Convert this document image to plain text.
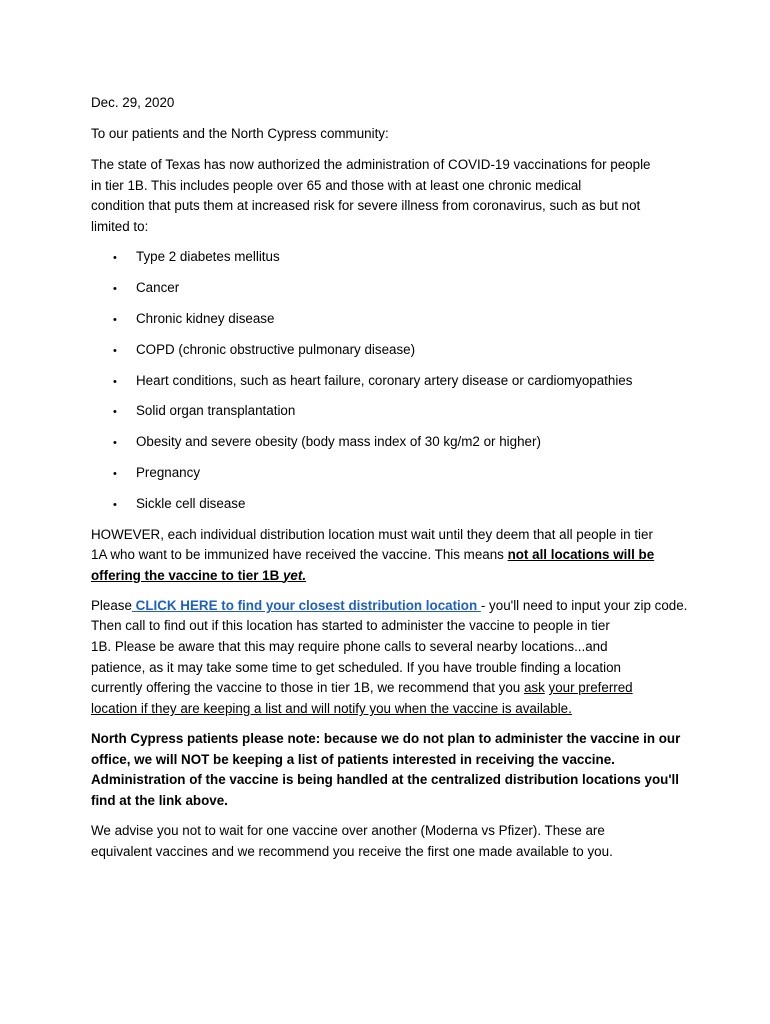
Dec. 29, 2020
To our patients and the North Cypress community:
The state of Texas has now authorized the administration of COVID-19 vaccinations for people
in tier 1B. This includes people over 65 and those with at least one chronic medical
condition that puts them at increased risk for severe illness from coronavirus, such as but not
limited to:
• Type 2 diabetes mellitus
• Cancer
• Chronic kidney disease
• COPD (chronic obstructive pulmonary disease)
• Heart conditions, such as heart failure, coronary artery disease or cardiomyopathies
• Solid organ transplantation
• Obesity and severe obesity (body mass index of 30 kg/m2 or higher)
• Pregnancy
• Sickle cell disease
HOWEVER, each individual distribution location must wait until they deem that all people in tier
1A who want to be immunized have received the vaccine. This means not all locations will be
offering the vaccine to tier 1B yet.
Please CLICK HERE to find your closest distribution location - you'll need to input your zip code.
Then call to find out if this location has started to administer the vaccine to people in tier
1B. Please be aware that this may require phone calls to several nearby locations...and
patience, as it may take some time to get scheduled. If you have trouble finding a location
currently offering the vaccine to those in tier 1B, we recommend that you ask your preferred
location if they are keeping a list and will notify you when the vaccine is available.
North Cypress patients please note: because we do not plan to administer the vaccine in our
office, we will NOT be keeping a list of patients interested in receiving the vaccine.
Administration of the vaccine is being handled at the centralized distribution locations you'll
find at the link above.
We advise you not to wait for one vaccine over another (Moderna vs Pfizer). These are
equivalent vaccines and we recommend you receive the first one made available to you.
